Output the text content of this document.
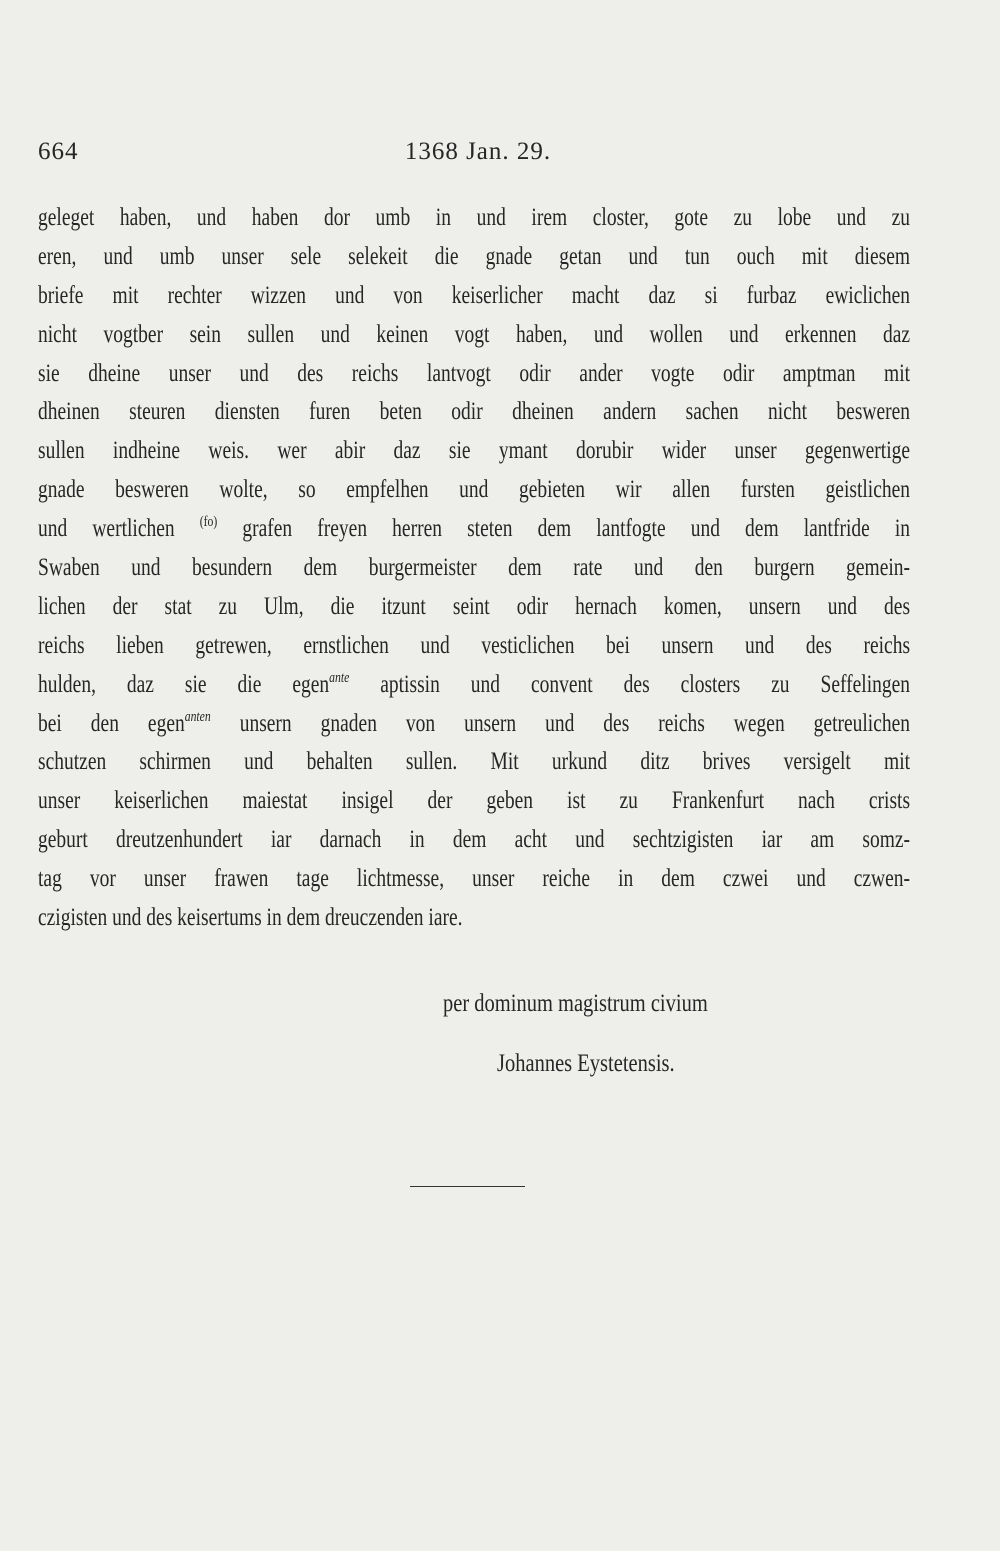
664	1368 Jan. 29.
geleget haben, und haben dor umb in und irem closter, gote zu lobe und zu
eren, und umb unser sele selekeit die gnade getan und tun ouch mit diesem
briefe mit rechter wizzen und von keiserlicher macht daz si furbaz ewiclichen
nicht vogtber sein sullen und keinen vogt haben, und wollen und erkennen daz
sie dheine unser und des reichs lantvogt odir ander vogte odir amptman mit
dheinen steuren diensten furen beten odir dheinen andern sachen nicht besweren
sullen indheine weis. wer abir daz sie ymant dorubir wider unser gegenwertige
gnade besweren wolte, so empfelhen und gebieten wir allen fursten geistlichen
und wertlichen $^{(fo)}$ grafen freyen herren steten dem lantfogte und dem lantfride in
Swaben und besundern dem burgermeister dem rate und den burgern gemein-
lichen der stat zu Ulm, die itzunt seint odir hernach komen, unsern und des
reichs lieben getrewen, ernstlichen und vesticlichen bei unsern und des reichs
hulden, daz sie die egen$^{ante}$ aptissin und convent des closters zu Seffelingen
bei den egen$^{anten}$ unsern gnaden von unsern und des reichs wegen getreulichen
schutzen schirmen und behalten sullen. Mit urkund ditz brives versigelt mit
unser keiserlichen maiestat insigel der geben ist zu Frankenfurt nach crists
geburt dreutzenhundert iar darnach in dem acht und sechtzigisten iar am somz-
tag vor unser frawen tage lichtmesse, unser reiche in dem czwei und czwen-
czigisten und des keisertums in dem dreuczenden iare.
per dominum magistrum civium
Johannes Eystetensis.
